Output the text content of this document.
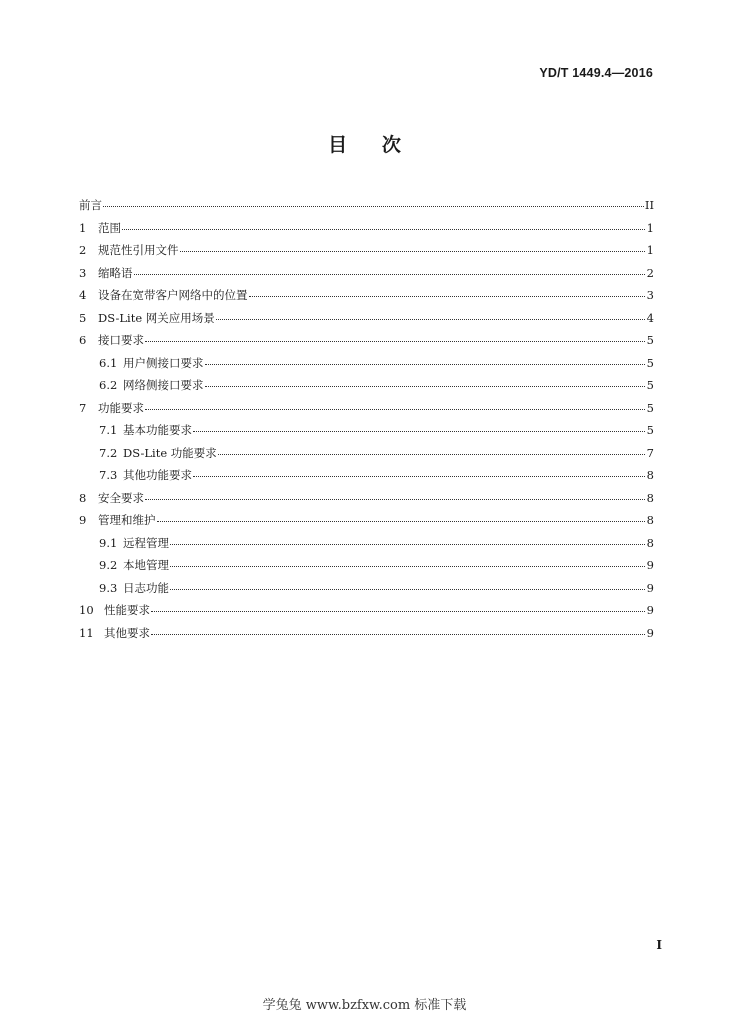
YD/T 1449.4—2016
目 次
前言	II
1	范围	1
2	规范性引用文件	1
3	缩略语	2
4	设备在宽带客户网络中的位置	3
5	DS-Lite 网关应用场景	4
6	接口要求	5
6.1 用户侧接口要求	5
6.2 网络侧接口要求	5
7	功能要求	5
7.1 基本功能要求	5
7.2 DS-Lite 功能要求	7
7.3 其他功能要求	8
8	安全要求	8
9	管理和维护	8
9.1 远程管理	8
9.2 本地管理	9
9.3 日志功能	9
10 性能要求	9
11 其他要求	9
I
学兔兔 www.bzfxw.com 标准下载
